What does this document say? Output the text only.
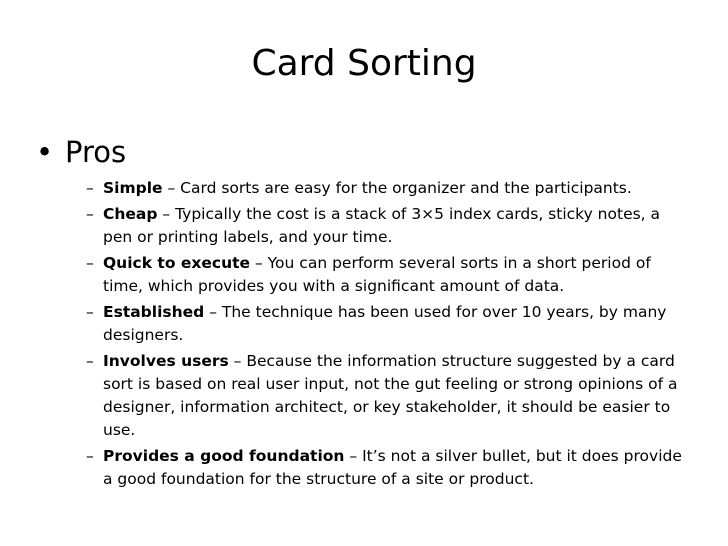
Card Sorting
• Pros
– Simple – Card sorts are easy for the organizer and the participants.
– Cheap – Typically the cost is a stack of 3×5 index cards, sticky notes, a pen or printing labels, and your time.
– Quick to execute – You can perform several sorts in a short period of time, which provides you with a significant amount of data.
– Established – The technique has been used for over 10 years, by many designers.
– Involves users – Because the information structure suggested by a card sort is based on real user input, not the gut feeling or strong opinions of a designer, information architect, or key stakeholder, it should be easier to use.
– Provides a good foundation – It’s not a silver bullet, but it does provide a good foundation for the structure of a site or product.
